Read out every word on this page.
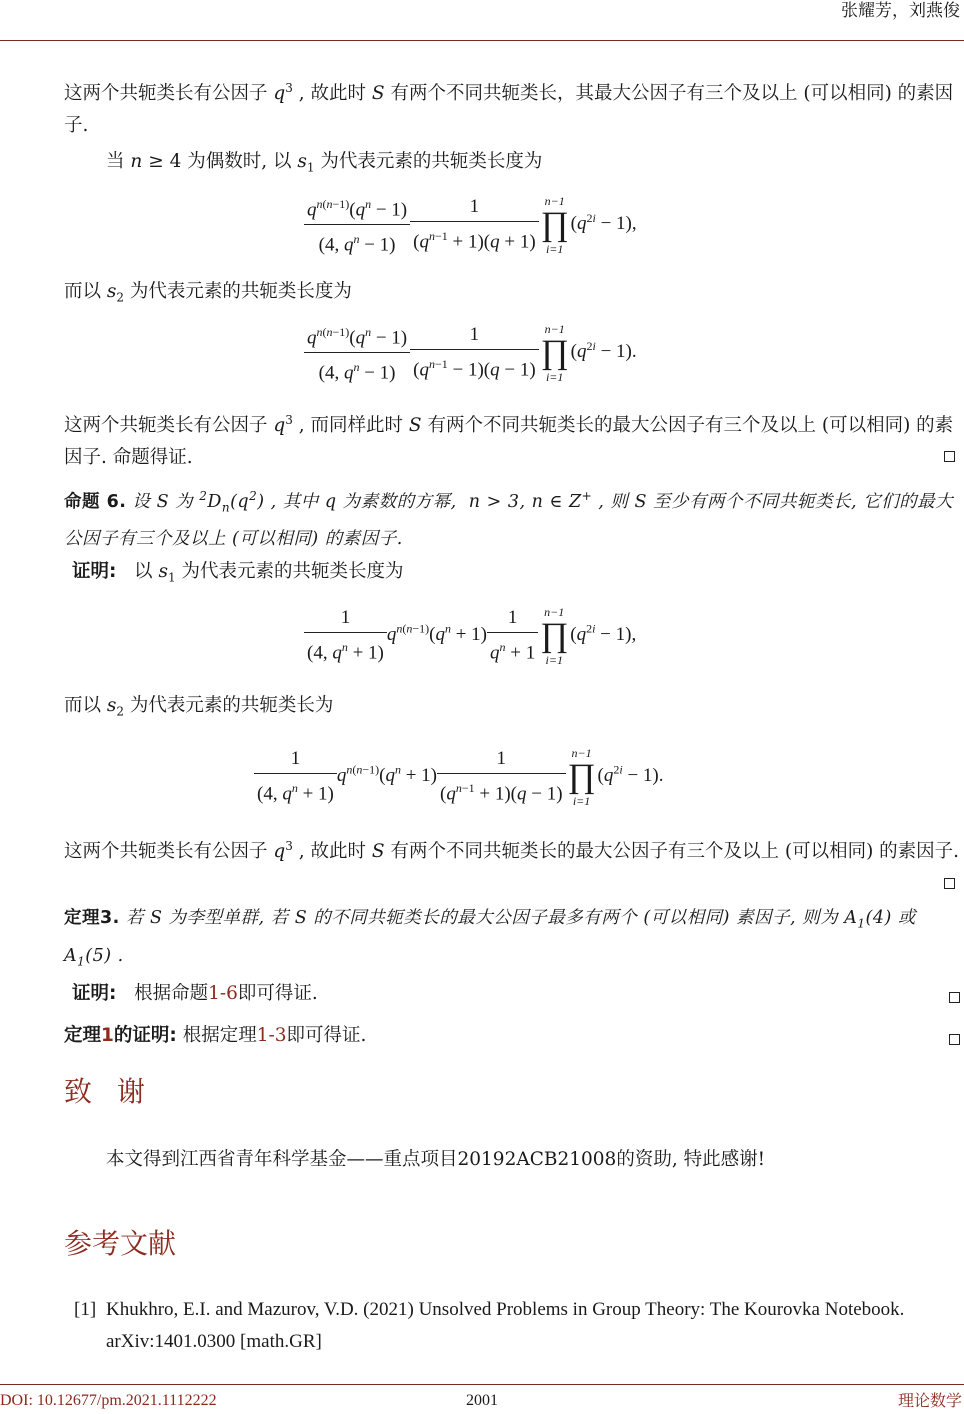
张耀芳，刘燕俊
这两个共轭类长有公因子 $q^3$ , 故此时 S 有两个不同共轭类长，其最大公因子有三个及以上 (可以相同) 的素因子.
当 n ≥ 4 为偶数时, 以 $s_1$ 为代表元素的共轭类长度为
$\frac{q^{n(n-1)}(q^n - 1)}{(4, q^n - 1)} \frac{1}{(q^{n-1} + 1)(q + 1)} n-1$
∏
i=1
$(q^{2i} - 1)$,
而以 $s_2$ 为代表元素的共轭类长度为
$\frac{q^{n(n-1)}(q^n - 1)}{(4, q^n - 1)} \frac{1}{(q^{n-1} - 1)(q - 1)} n-1$
∏
i=1
$(q^{2i} - 1)$.
这两个共轭类长有公因子 $q^3$ , 而同样此时 S 有两个不同共轭类长的最大公因子有三个及以上 (可以相同) 的素因子. 命题得证.
命题 6. 设 S 为 $^2D_n(q^2)$ , 其中 q 为素数的方幂,  n > 3, n ∈ Z+ , 则 S 至少有两个不同共轭类长, 它们的最大公因子有三个及以上 (可以相同) 的素因子.
证明:   以 $s_1$ 为代表元素的共轭类长度为
$\frac{1}{(4, q^n + 1)} q^{n(n-1)}(q^n + 1) \frac{1}{q^n + 1} n-1$
∏
i=1
$(q^{2i} - 1)$,
而以 $s_2$ 为代表元素的共轭类长为
$\frac{1}{(4, q^n + 1)} q^{n(n-1)}(q^n + 1) \frac{1}{(q^{n-1} + 1)(q - 1)} n-1$
∏
i=1
$(q^{2i} - 1)$.
这两个共轭类长有公因子 $q^3$ , 故此时 S 有两个不同共轭类长的最大公因子有三个及以上 (可以相同) 的素因子.
定理3. 若 S 为李型单群, 若 S 的不同共轭类长的最大公因子最多有两个 (可以相同) 素因子, 则为 $A_1(4)$ 或 $A_1(5)$ .
证明: 根据命题1-6即可得证.
定理1的证明: 根据定理1-3即可得证.
致 谢
本文得到江西省青年科学基金——重点项目20192ACB21008的资助, 特此感谢!
参考文献
[1] Khukhro, E.I. and Mazurov, V.D. (2021) Unsolved Problems in Group Theory: The Kourovka Notebook. arXiv:1401.0300 [math.GR]
DOI: 10.12677/pm.2021.1112222	2001	理论数学
